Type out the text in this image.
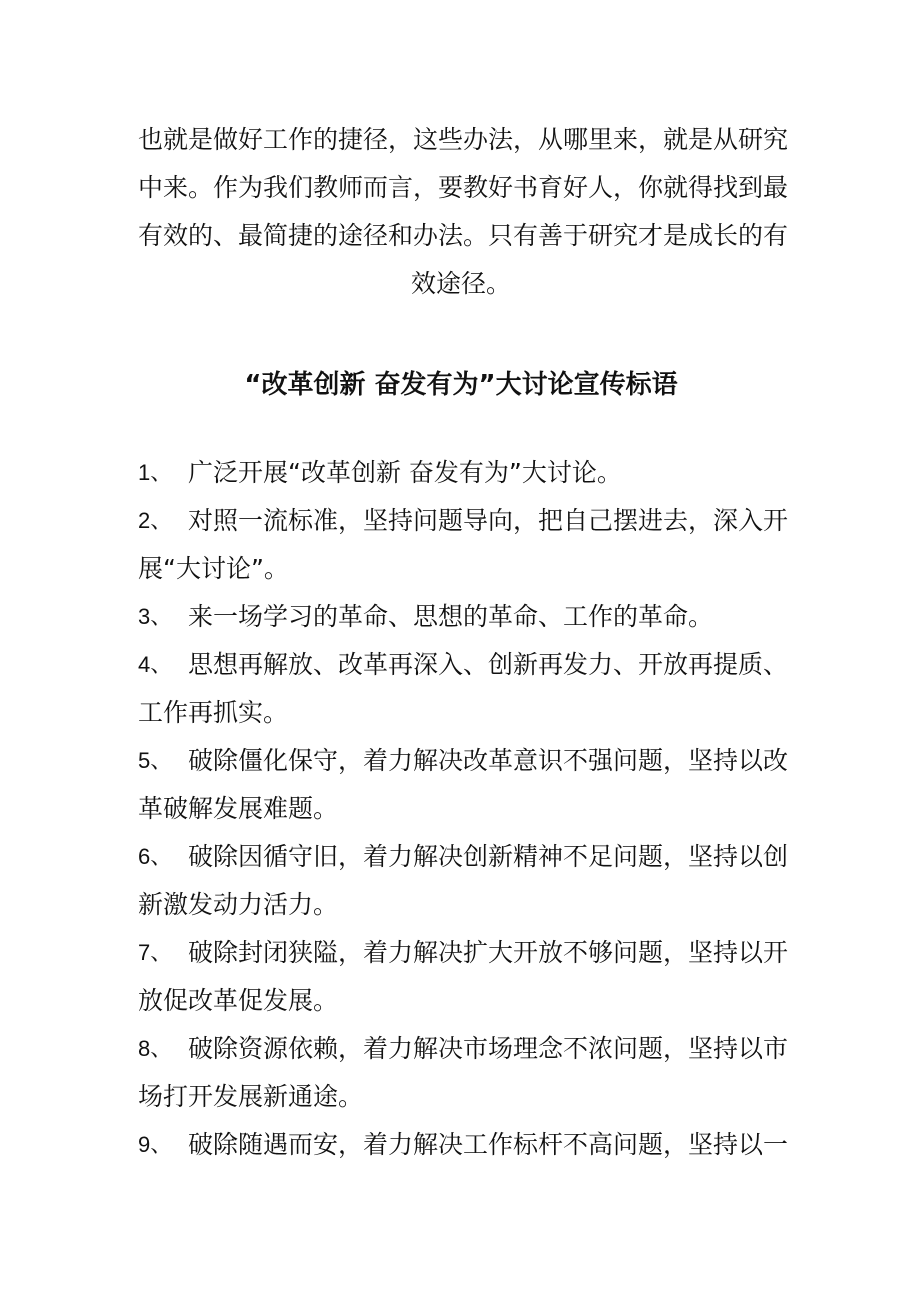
也就是做好工作的捷径，这些办法，从哪里来，就是从研究
中来。作为我们教师而言，要教好书育好人，你就得找到最
有效的、最简捷的途径和办法。只有善于研究才是成长的有
效途径。
“改革创新 奋发有为”大讨论宣传标语
1、 广泛开展“改革创新 奋发有为”大讨论。
2、 对照一流标准，坚持问题导向，把自己摆进去，深入开
展“大讨论”。
3、 来一场学习的革命、思想的革命、工作的革命。
4、 思想再解放、改革再深入、创新再发力、开放再提质、
工作再抓实。
5、 破除僵化保守，着力解决改革意识不强问题，坚持以改
革破解发展难题。
6、 破除因循守旧，着力解决创新精神不足问题，坚持以创
新激发动力活力。
7、 破除封闭狭隘，着力解决扩大开放不够问题，坚持以开
放促改革促发展。
8、 破除资源依赖，着力解决市场理念不浓问题，坚持以市
场打开发展新通途。
9、 破除随遇而安，着力解决工作标杆不高问题，坚持以一
